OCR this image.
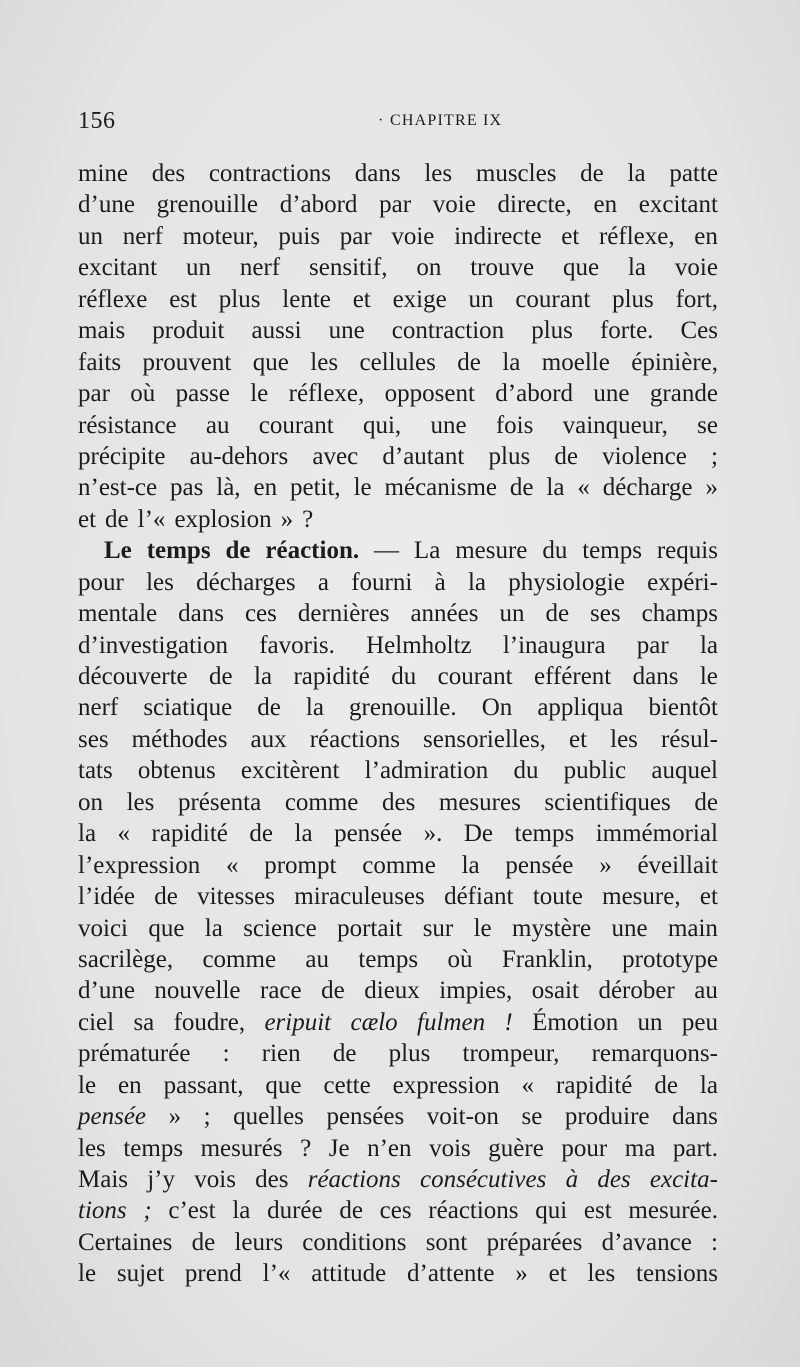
156	· CHAPITRE IX
mine des contractions dans les muscles de la patte
d’une grenouille d’abord par voie directe, en excitant
un nerf moteur, puis par voie indirecte et réflexe, en
excitant un nerf sensitif, on trouve que la voie
réflexe est plus lente et exige un courant plus fort,
mais produit aussi une contraction plus forte. Ces
faits prouvent que les cellules de la moelle épinière,
par où passe le réflexe, opposent d’abord une grande
résistance au courant qui, une fois vainqueur, se
précipite au-dehors avec d’autant plus de violence ;
n’est-ce pas là, en petit, le mécanisme de la « décharge »
et de l’« explosion » ?
Le temps de réaction. — La mesure du temps requis
pour les décharges a fourni à la physiologie expéri-
mentale dans ces dernières années un de ses champs
d’investigation favoris. Helmholtz l’inaugura par la
découverte de la rapidité du courant efférent dans le
nerf sciatique de la grenouille. On appliqua bientôt
ses méthodes aux réactions sensorielles, et les résul-
tats obtenus excitèrent l’admiration du public auquel
on les présenta comme des mesures scientifiques de
la « rapidité de la pensée ». De temps immémorial
l’expression « prompt comme la pensée » éveillait
l’idée de vitesses miraculeuses défiant toute mesure, et
voici que la science portait sur le mystère une main
sacrilège, comme au temps où Franklin, prototype
d’une nouvelle race de dieux impies, osait dérober au
ciel sa foudre, eripuit cælo fulmen ! Émotion un peu
prématurée : rien de plus trompeur, remarquons-
le en passant, que cette expression « rapidité de la
pensée » ; quelles pensées voit-on se produire dans
les temps mesurés ? Je n’en vois guère pour ma part.
Mais j’y vois des réactions consécutives à des excita-
tions ; c’est la durée de ces réactions qui est mesurée.
Certaines de leurs conditions sont préparées d’avance :
le sujet prend l’« attitude d’attente » et les tensions
